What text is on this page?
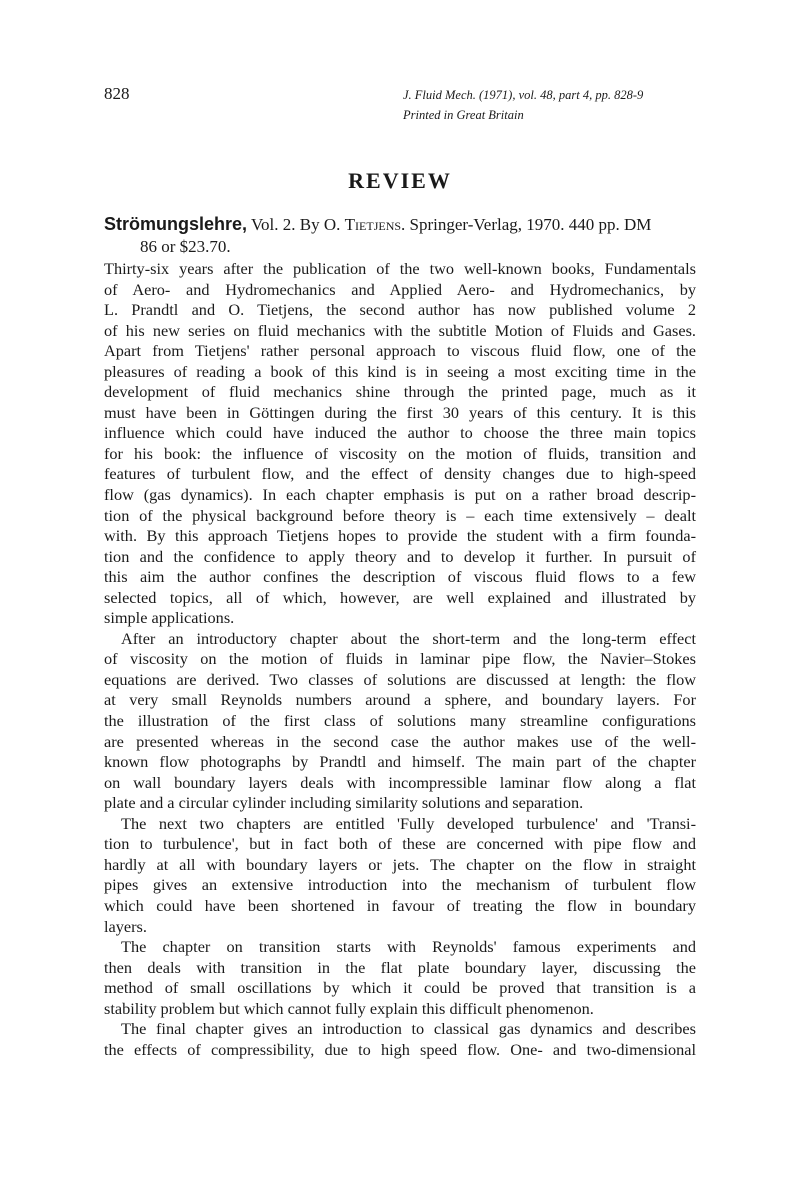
828	J. Fluid Mech. (1971), vol. 48, part 4, pp. 828-9
Printed in Great Britain
REVIEW
Strömungslehre, Vol. 2. By O. Tietjens. Springer-Verlag, 1970. 440 pp. DM
86 or $23.70.
Thirty-six years after the publication of the two well-known books, Fundamentals
of Aero- and Hydromechanics and Applied Aero- and Hydromechanics, by
L. Prandtl and O. Tietjens, the second author has now published volume 2
of his new series on fluid mechanics with the subtitle Motion of Fluids and Gases.
Apart from Tietjens' rather personal approach to viscous fluid flow, one of the
pleasures of reading a book of this kind is in seeing a most exciting time in the
development of fluid mechanics shine through the printed page, much as it
must have been in Göttingen during the first 30 years of this century. It is this
influence which could have induced the author to choose the three main topics
for his book: the influence of viscosity on the motion of fluids, transition and
features of turbulent flow, and the effect of density changes due to high-speed
flow (gas dynamics). In each chapter emphasis is put on a rather broad descrip-
tion of the physical background before theory is – each time extensively – dealt
with. By this approach Tietjens hopes to provide the student with a firm founda-
tion and the confidence to apply theory and to develop it further. In pursuit of
this aim the author confines the description of viscous fluid flows to a few
selected topics, all of which, however, are well explained and illustrated by
simple applications.
After an introductory chapter about the short-term and the long-term effect
of viscosity on the motion of fluids in laminar pipe flow, the Navier–Stokes
equations are derived. Two classes of solutions are discussed at length: the flow
at very small Reynolds numbers around a sphere, and boundary layers. For
the illustration of the first class of solutions many streamline configurations
are presented whereas in the second case the author makes use of the well-
known flow photographs by Prandtl and himself. The main part of the chapter
on wall boundary layers deals with incompressible laminar flow along a flat
plate and a circular cylinder including similarity solutions and separation.
The next two chapters are entitled 'Fully developed turbulence' and 'Transi-
tion to turbulence', but in fact both of these are concerned with pipe flow and
hardly at all with boundary layers or jets. The chapter on the flow in straight
pipes gives an extensive introduction into the mechanism of turbulent flow
which could have been shortened in favour of treating the flow in boundary
layers.
The chapter on transition starts with Reynolds' famous experiments and
then deals with transition in the flat plate boundary layer, discussing the
method of small oscillations by which it could be proved that transition is a
stability problem but which cannot fully explain this difficult phenomenon.
The final chapter gives an introduction to classical gas dynamics and describes
the effects of compressibility, due to high speed flow. One- and two-dimensional
